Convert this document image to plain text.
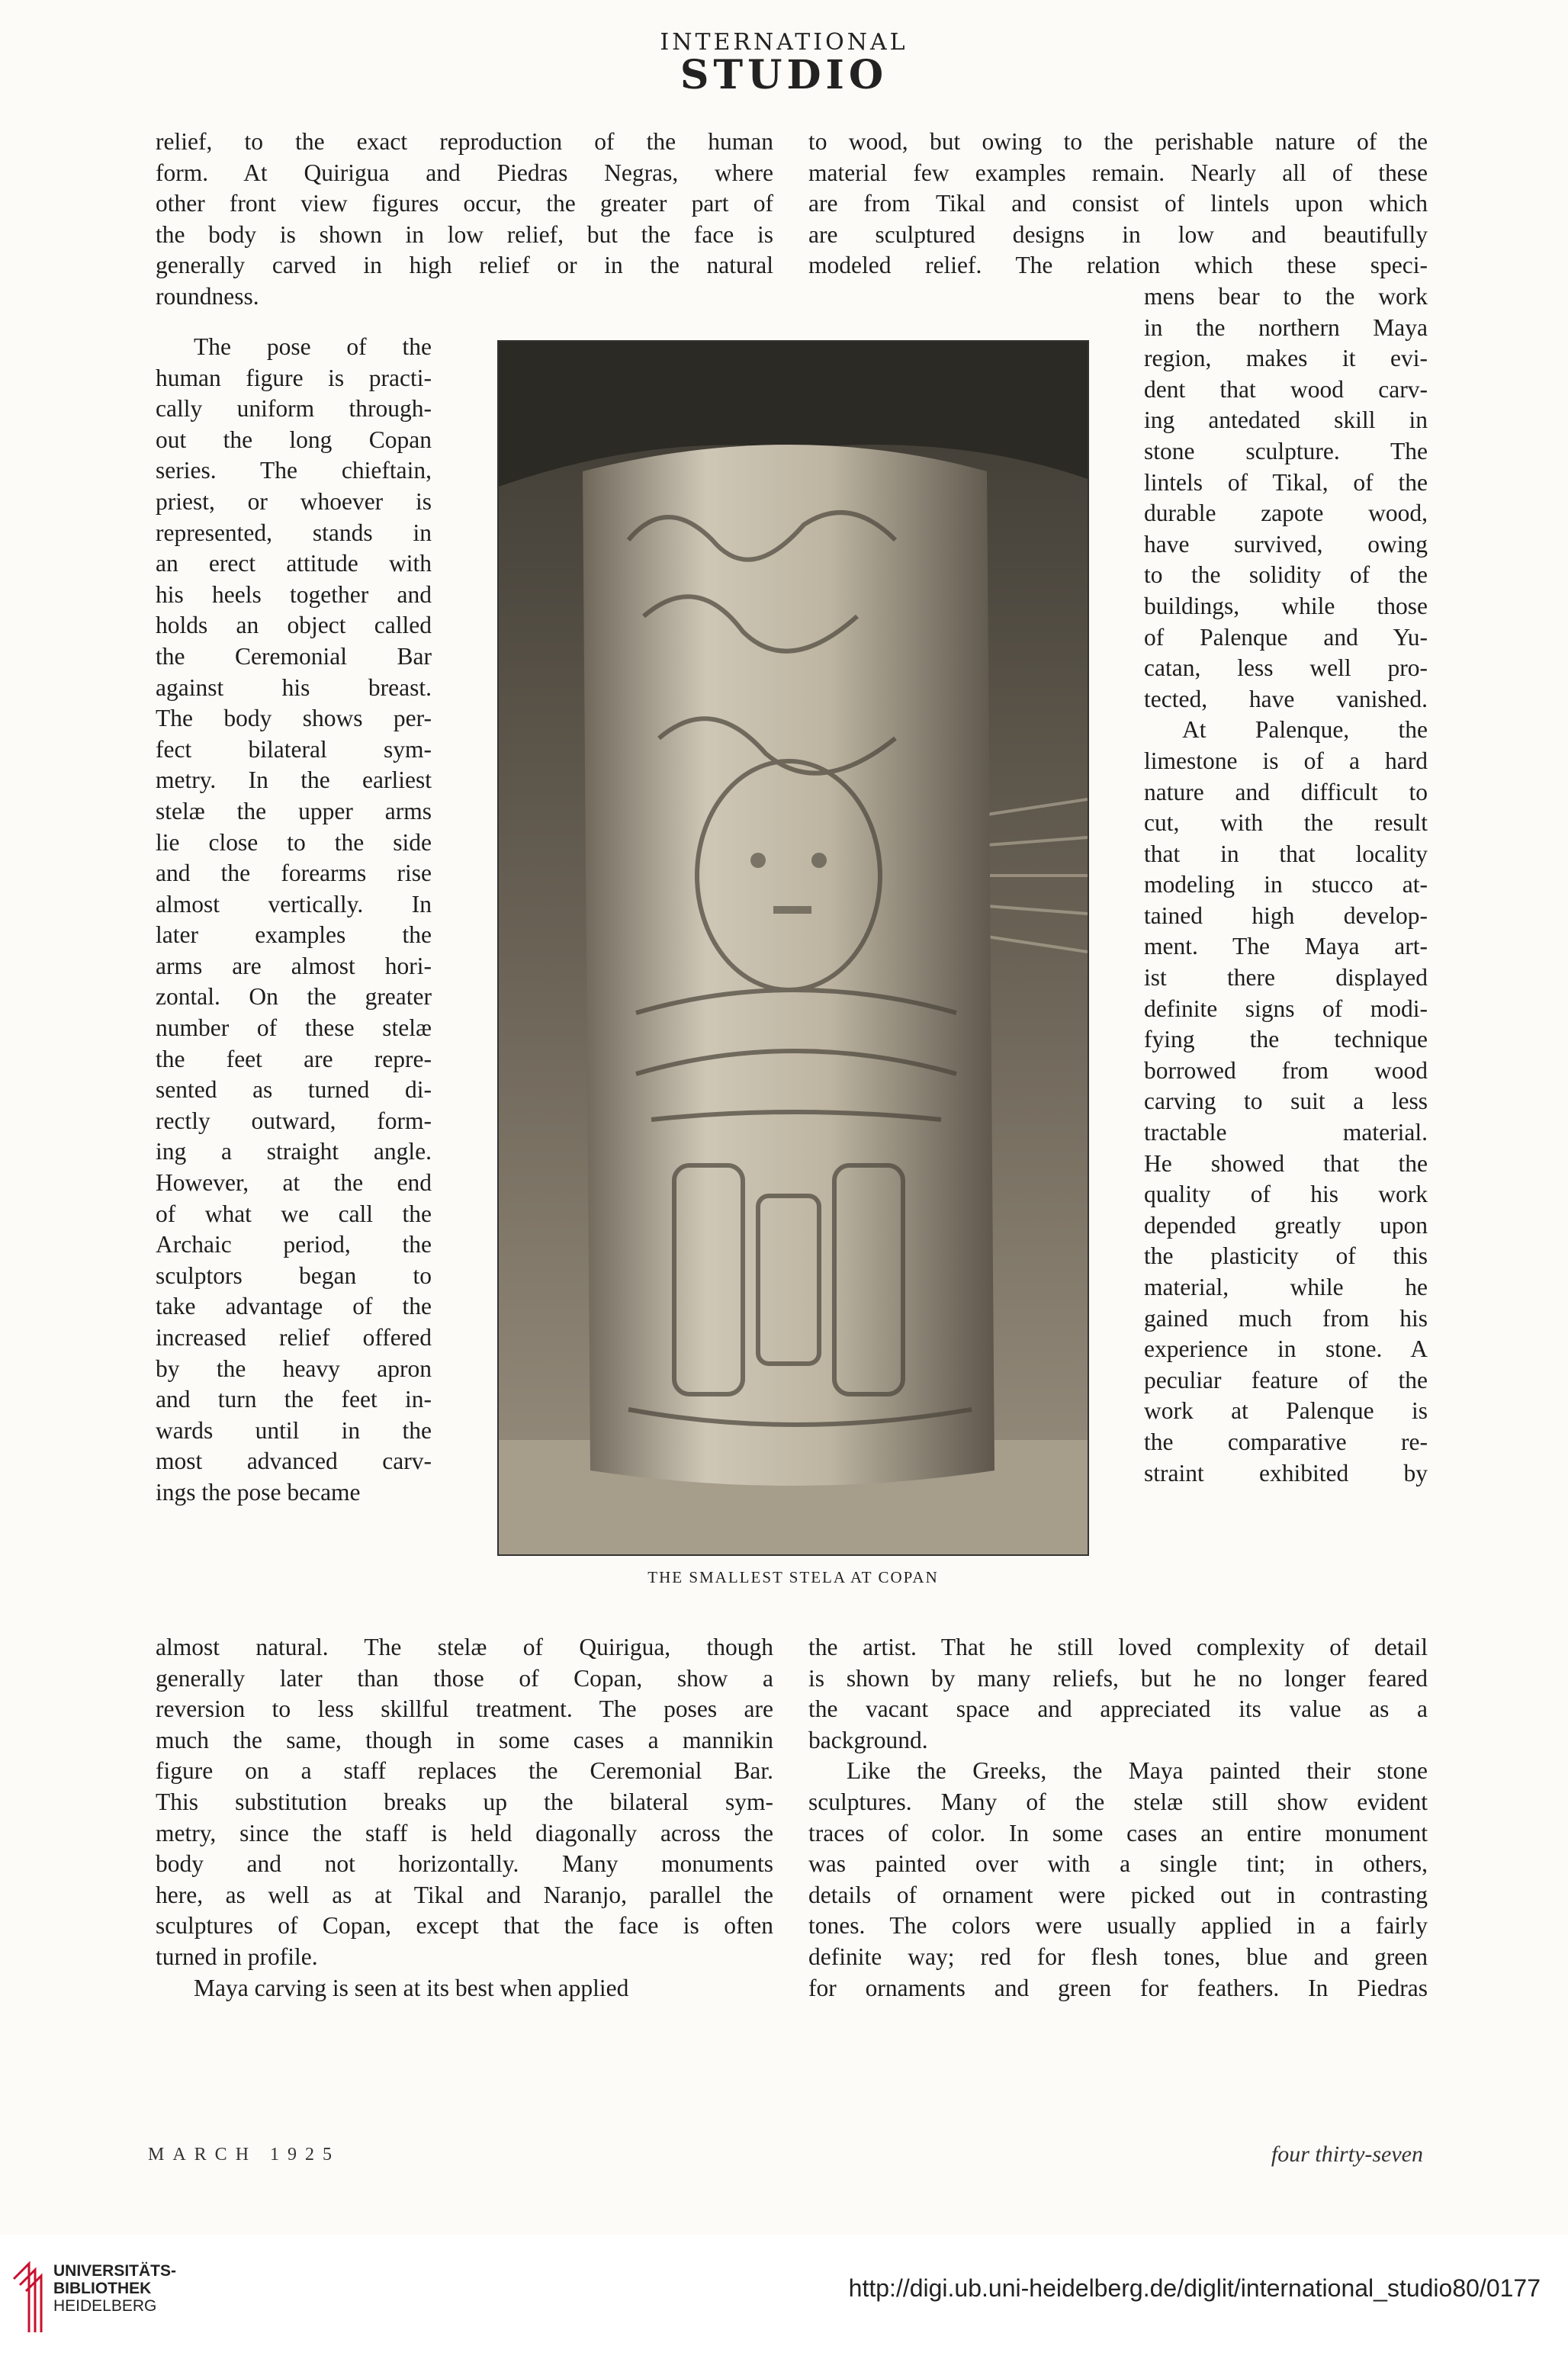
INTERNATIONAL
STUDIO
relief, to the exact reproduction of the human
form. At Quirigua and Piedras Negras, where
other front view figures occur, the greater part of
the body is shown in low relief, but the face is
generally carved in high relief or in the natural
roundness.
The pose of the
human figure is practi-
cally uniform through-
out the long Copan
series. The chieftain,
priest, or whoever is
represented, stands in
an erect attitude with
his heels together and
holds an object called
the Ceremonial Bar
against his breast.
The body shows per-
fect bilateral sym-
metry. In the earliest
stelæ the upper arms
lie close to the side
and the forearms rise
almost vertically. In
later examples the
arms are almost hori-
zontal. On the greater
number of these stelæ
the feet are repre-
sented as turned di-
rectly outward, form-
ing a straight angle.
However, at the end
of what we call the
Archaic period, the
sculptors began to
take advantage of the
increased relief offered
by the heavy apron
and turn the feet in-
wards until in the
most advanced carv-
ings the pose became
almost natural. The stelæ of Quirigua, though
generally later than those of Copan, show a
reversion to less skillful treatment. The poses are
much the same, though in some cases a mannikin
figure on a staff replaces the Ceremonial Bar.
This substitution breaks up the bilateral sym-
metry, since the staff is held diagonally across the
body and not horizontally. Many monuments
here, as well as at Tikal and Naranjo, parallel the
sculptures of Copan, except that the face is often
turned in profile.
Maya carving is seen at its best when applied
to wood, but owing to the perishable nature of the
material few examples remain. Nearly all of these
are from Tikal and consist of lintels upon which
are sculptured designs in low and beautifully
modeled relief. The relation which these speci-
mens bear to the work
in the northern Maya
region, makes it evi-
dent that wood carv-
ing antedated skill in
stone sculpture. The
lintels of Tikal, of the
durable zapote wood,
have survived, owing
to the solidity of the
buildings, while those
of Palenque and Yu-
catan, less well pro-
tected, have vanished.
At Palenque, the
limestone is of a hard
nature and difficult to
cut, with the result
that in that locality
modeling in stucco at-
tained high develop-
ment. The Maya art-
ist there displayed
definite signs of modi-
fying the technique
borrowed from wood
carving to suit a less
tractable material.
He showed that the
quality of his work
depended greatly upon
the plasticity of this
material, while he
gained much from his
experience in stone. A
peculiar feature of the
work at Palenque is
the comparative re-
straint exhibited by
the artist. That he still loved complexity of detail
is shown by many reliefs, but he no longer feared
the vacant space and appreciated its value as a
background.
Like the Greeks, the Maya painted their stone
sculptures. Many of the stelæ still show evident
traces of color. In some cases an entire monument
was painted over with a single tint; in others,
details of ornament were picked out in contrasting
tones. The colors were usually applied in a fairly
definite way; red for flesh tones, blue and green
for ornaments and green for feathers. In Piedras
THE SMALLEST STELA AT COPAN
MARCH 1925	four thirty-seven
UNIVERSITÄTS-
BIBLIOTHEK
HEIDELBERG
http://digi.ub.uni-heidelberg.de/diglit/international_studio80/0177
